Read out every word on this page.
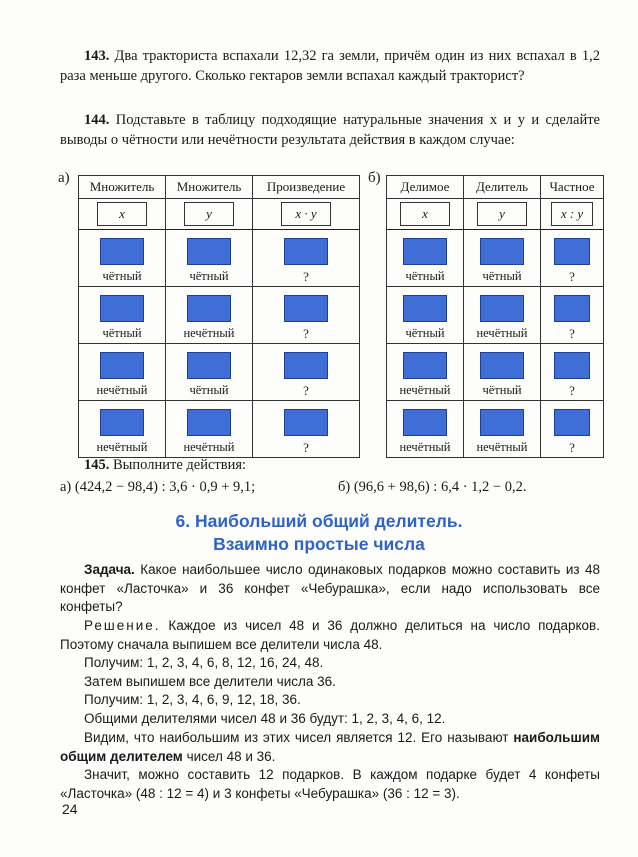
143. Два тракториста вспахали 12,32 га земли, причём один из них вспахал в 1,2 раза меньше другого. Сколько гектаров земли вспахал каждый тракторист?
144. Подставьте в таблицу подходящие натуральные значения x и y и сделайте выводы о чётности или нечётности результата действия в каждом случае:
а)
Множитель	Множитель	Произведение
x	y	x · y

чётный	чётный	?

чётный	нечётный	?

нечётный	чётный	?

нечётный	нечётный	?
б)
Делимое	Делитель	Частное
x	y	x : y

чётный	чётный	?

чётный	нечётный	?

нечётный	чётный	?

нечётный	нечётный	?
145. Выполните действия:
а) (424,2 − 98,4) : 3,6 · 0,9 + 9,1;	б) (96,6 + 98,6) : 6,4 · 1,2 − 0,2.
6. Наибольший общий делитель.
Взаимно простые числа
Задача. Какое наибольшее число одинаковых подарков можно составить из 48 конфет «Ласточка» и 36 конфет «Чебурашка», если надо использовать все конфеты?
Решение. Каждое из чисел 48 и 36 должно делиться на число подарков. Поэтому сначала выпишем все делители числа 48.
Получим: 1, 2, 3, 4, 6, 8, 12, 16, 24, 48.
Затем выпишем все делители числа 36.
Получим: 1, 2, 3, 4, 6, 9, 12, 18, 36.
Общими делителями чисел 48 и 36 будут: 1, 2, 3, 4, 6, 12.
Видим, что наибольшим из этих чисел является 12. Его называют наибольшим общим делителем чисел 48 и 36.
Значит, можно составить 12 подарков. В каждом подарке будет 4 конфеты «Ласточка» (48 : 12 = 4) и 3 конфеты «Чебурашка» (36 : 12 = 3).
24
